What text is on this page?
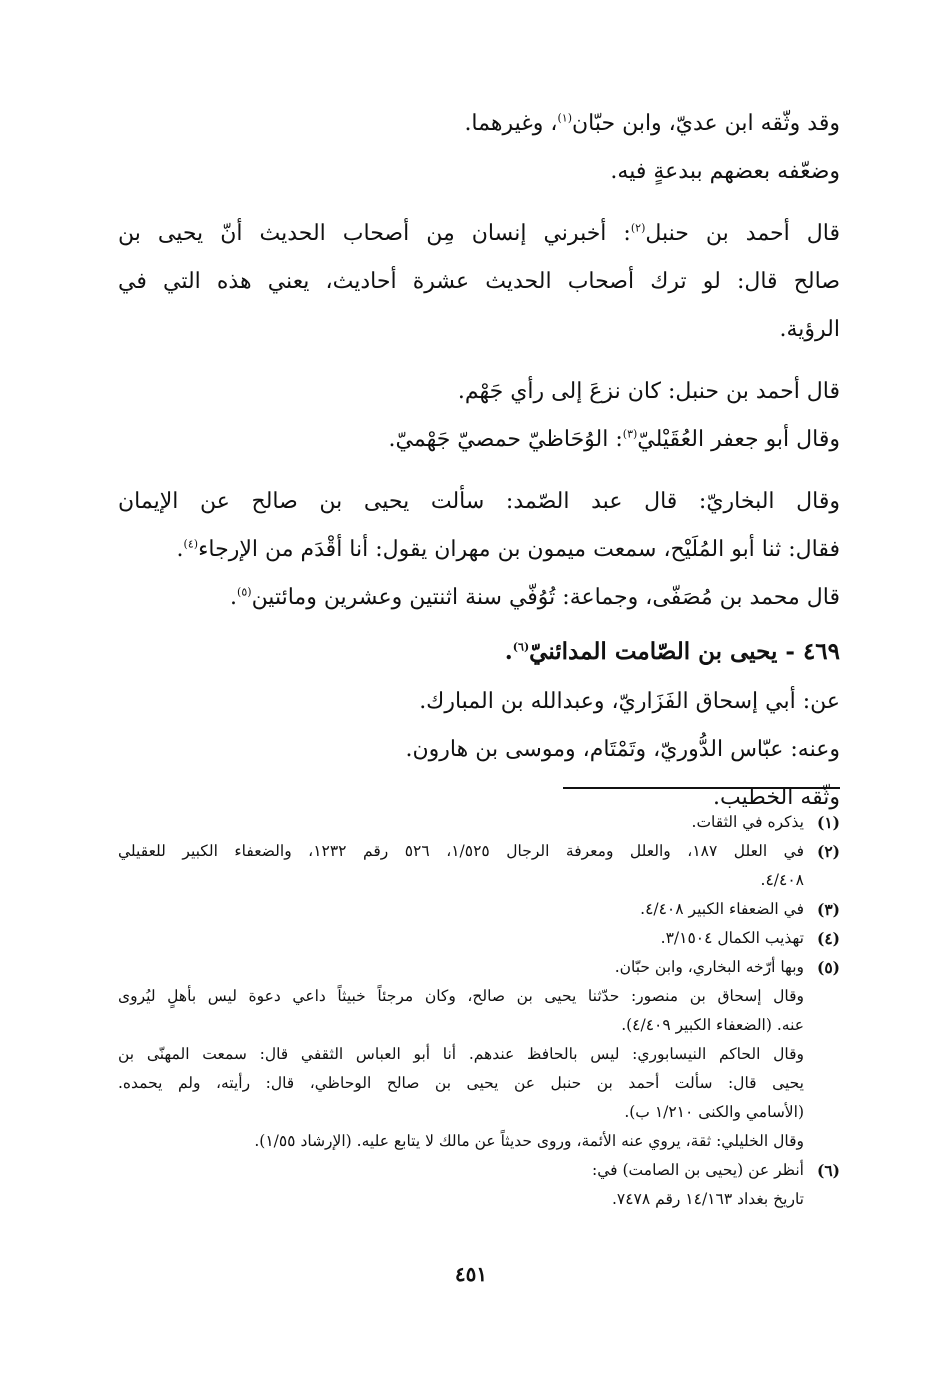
وقد وثّقه ابن عديّ، وابن حبّان$^{(١)}$، وغيرهما.
وضعّفه بعضهم ببدعةٍ فيه.
قال أحمد بن حنبل$^{(٢)}$: أخبرني إنسان مِن أصحاب الحديث أنّ يحيى بن
صالح قال: لو ترك أصحاب الحديث عشرة أحاديث، يعني هذه التي في
الرؤية.
قال أحمد بن حنبل: كان نزعَ إلى رأي جَهْم.
وقال أبو جعفر العُقَيْليّ$^{(٣)}$: الوُحَاظيّ حمصيّ جَهْميّ.
وقال البخاريّ: قال عبد الصّمد: سألت يحيى بن صالح عن الإيمان
فقال: ثنا أبو المُلَيْح، سمعت ميمون بن مهران يقول: أنا أقْدَم من الإرجاء$^{(٤)}$.
قال محمد بن مُصَفّى، وجماعة: تُوُفّي سنة اثنتين وعشرين ومائتين$^{(٥)}$.
٤٦٩ - يحيى بن الصّامت المدائنيّ$^{(٦)}$.
عن: أبي إسحاق الفَزَاريّ، وعبدالله بن المبارك.
وعنه: عبّاس الدُّوريّ، وتَمْتَام، وموسى بن هارون.
وثّقه الخطيب.
(١)
يذكره في الثقات.
(٢)
في العلل ١٨٧، والعلل ومعرفة الرجال ١/٥٢٥، ٥٢٦ رقم ١٢٣٢، والضعفاء الكبير للعقيلي
٤/٤٠٨.
(٣)
في الضعفاء الكبير ٤/٤٠٨.
(٤)
تهذيب الكمال ٣/١٥٠٤.
(٥)
وبها أرّخه البخاري، وابن حبّان.
وقال إسحاق بن منصور: حدّثنا يحيى بن صالح، وكان مرجئاً خبيثاً داعي دعوة ليس بأهلٍ ليُروى
عنه. (الضعفاء الكبير ٤/٤٠٩).
وقال الحاكم النيسابوري: ليس بالحافظ عندهم. أنا أبو العباس الثقفي قال: سمعت المهنّى بن
يحيى قال: سألت أحمد بن حنبل عن يحيى بن صالح الوحاظي، قال: رأيته، ولم يحمده.
(الأسامي والكنى ١/٢١٠ ب).
وقال الخليلي: ثقة، يروي عنه الأئمة، وروى حديثاً عن مالك لا يتابع عليه. (الإرشاد ١/٥٥).
(٦)
أنظر عن (يحيى بن الصامت) في:
تاريخ بغداد ١٤/١٦٣ رقم ٧٤٧٨.
٤٥١
